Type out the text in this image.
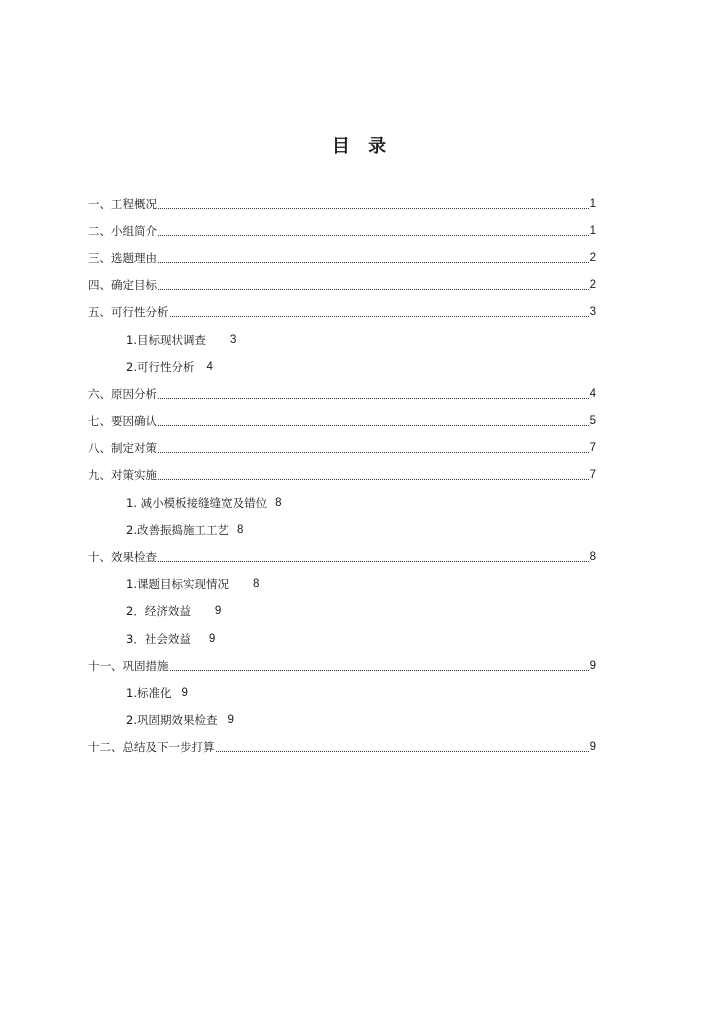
目 录
一、工程概况	1
二、小组简介	1
三、选题理由	2
四、确定目标	2
五、可行性分析	3
1.目标现状调查 3
2.可行性分析 4
六、原因分析	4
七、要因确认	5
八、制定对策	7
九、对策实施	7
1. 减小模板接缝缝宽及错位 8
2.改善振捣施工工艺 8
十、效果检查	8
1.课题目标实现情况 8
2．经济效益 9
3．社会效益 9
十一、巩固措施	9
1.标准化 9
2.巩固期效果检查 9
十二、总结及下一步打算	9
